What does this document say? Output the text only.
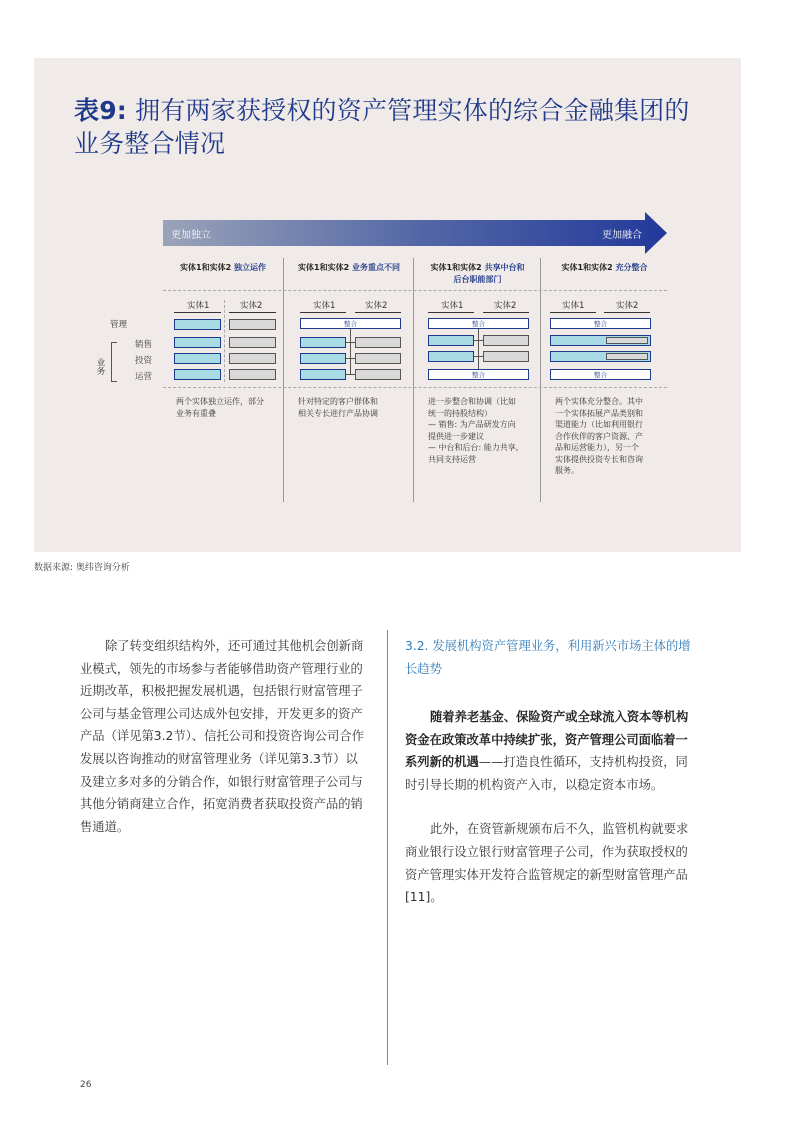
表9: 拥有两家获授权的资产管理实体的综合金融集团的业务整合情况
更加独立	更加融合
实体1和实体2 独立运作	实体1和实体2 业务重点不同	实体1和实体2 共享中台和
后台职能部门
实体1和实体2 充分整合
实体1	实体2	实体1	实体2	实体1	实体2	实体1	实体2
管理
销售
投资
运营
业务
整合	整合
整合
整合
整合
两个实体独立运作，部分
业务有重叠
针对特定的客户群体和
相关专长进行产品协调
进一步整合和协调（比如
统一的持股结构）
— 销售: 为产品研发方向
提供进一步建议
— 中台和后台: 能力共享,
共同支持运营
两个实体充分整合。其中
一个实体拓展产品类别和
渠道能力（比如利用银行
合作伙伴的客户资源、产
品和运营能力），另一个
实体提供投资专长和咨询
服务。
数据来源: 奥纬咨询分析

除了转变组织结构外，还可通过其他机会创新商业模式，领先的市场参与者能够借助资产管理行业的近期改革，积极把握发展机遇，包括银行财富管理子公司与基金管理公司达成外包安排，开发更多的资产产品（详见第3.2节）、信托公司和投资咨询公司合作发展以咨询推动的财富管理业务（详见第3.3节）以及建立多对多的分销合作，如银行财富管理子公司与其他分销商建立合作，拓宽消费者获取投资产品的销售通道。

3.2. 发展机构资产管理业务，利用新兴市场主体的增长趋势

随着养老基金、保险资产或全球流入资本等机构资金在政策改革中持续扩张，资产管理公司面临着一系列新的机遇——打造良性循环，支持机构投资，同时引导长期的机构资产入市，以稳定资本市场。

此外，在资管新规颁布后不久，监管机构就要求商业银行设立银行财富管理子公司，作为获取授权的资产管理实体开发符合监管规定的新型财富管理产品 [11]。

26
